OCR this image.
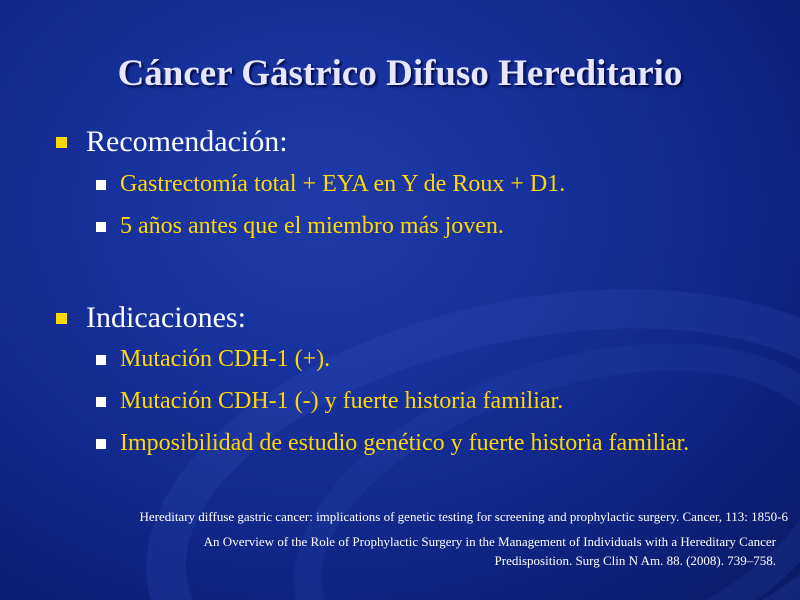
Cáncer Gástrico Difuso Hereditario
Recomendación:
Gastrectomía total + EYA en Y de Roux + D1.
5 años antes que el miembro más joven.
Indicaciones:
Mutación CDH-1 (+).
Mutación CDH-1 (-) y fuerte historia familiar.
Imposibilidad de estudio genético y fuerte historia familiar.
Hereditary diffuse gastric cancer: implications of genetic testing for screening and prophylactic surgery. Cancer, 113: 1850-6
An Overview of the Role of Prophylactic Surgery in the Management of Individuals with a Hereditary Cancer
Predisposition. Surg Clin N Am. 88. (2008). 739–758.
